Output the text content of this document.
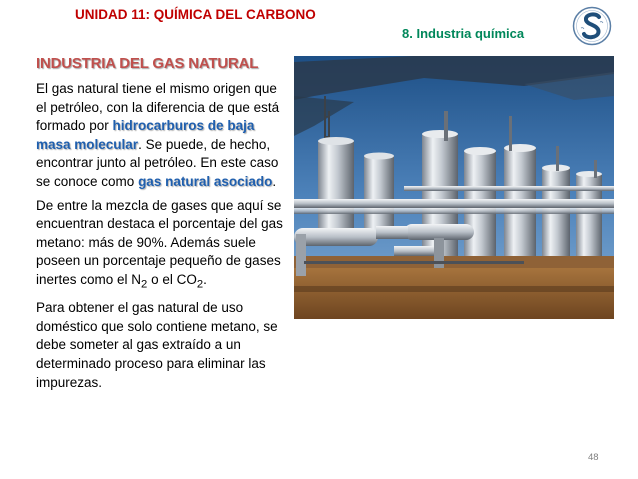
UNIDAD 11: QUÍMICA DEL CARBONO
8. Industria química
INDUSTRIA DEL GAS NATURAL

El gas natural tiene el mismo origen que el petróleo, con la diferencia de que está formado por hidrocarburos de baja masa molecular. Se puede, de hecho, encontrar junto al petróleo. En este caso se conoce como gas natural asociado.

De entre la mezcla de gases que aquí se encuentran destaca el porcentaje del gas metano: más de 90%. Además suele poseen un porcentaje pequeño de gases inertes como el $N_2$ o el $CO_2$.

Para obtener el gas natural de uso doméstico que solo contiene metano, se debe someter al gas extraído a un determinado proceso para eliminar las impurezas.

48
